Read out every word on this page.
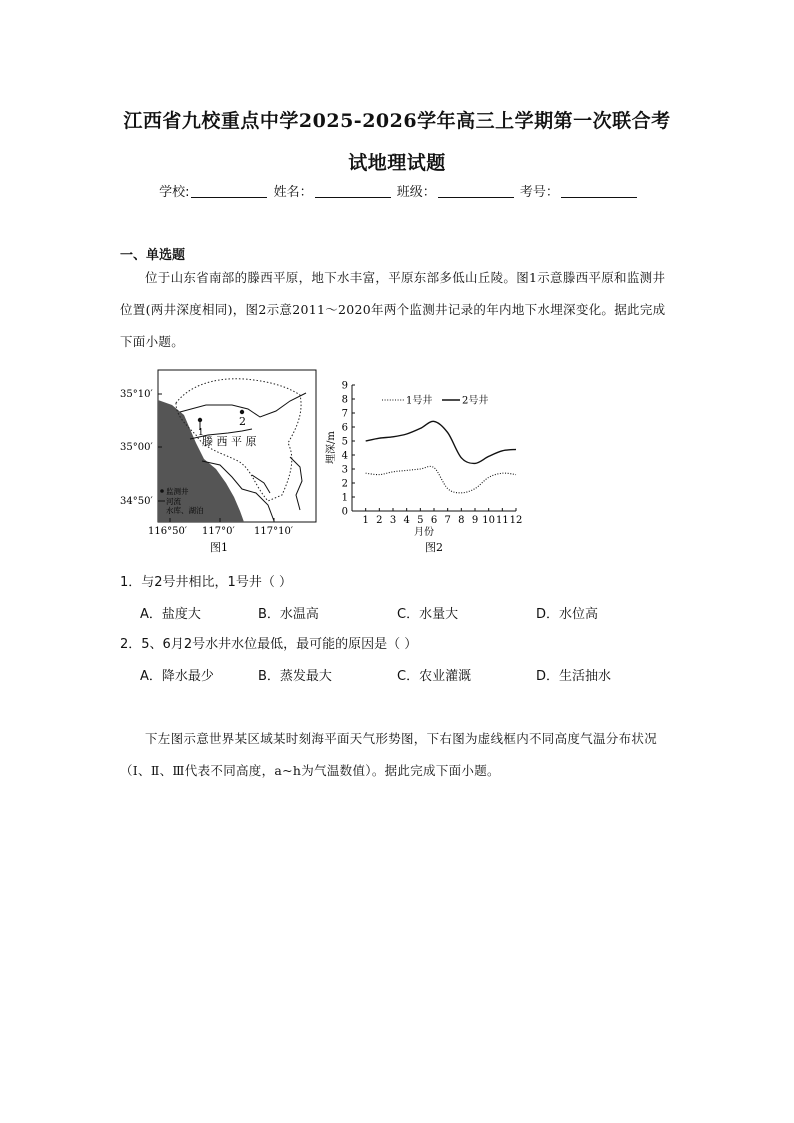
江西省九校重点中学2025-2026学年高三上学期第一次联合考
试地理试题
学校:	姓名：	班级：	考号：
一、单选题
位于山东省南部的滕西平原，地下水丰富，平原东部多低山丘陵。图1示意滕西平原和监测井位置(两井深度相同)，图2示意2011～2020年两个监测井记录的年内地下水埋深变化。据此完成下面小题。
1
2
滕 西 平 原
监测井
河流
水库、湖泊
35°10′
35°00′
34°50′
116°50′ 117°0′ 117°10′
图1
0
1
2
3
4
5
6
7
8
9
1 2 3 4 5 6 7 8 9 10 11 12
1号井	2号井
埋深/m
月份
图2
1．与2号井相比，1号井（ ）
A．盐度大	B．水温高	C．水量大	D．水位高
2．5、6月2号水井水位最低，最可能的原因是（ ）
A．降水最少	B．蒸发最大	C．农业灌溉	D．生活抽水
下左图示意世界某区域某时刻海平面天气形势图，下右图为虚线框内不同高度气温分布状况（Ⅰ、Ⅱ、Ⅲ代表不同高度，a~h为气温数值）。据此完成下面小题。
